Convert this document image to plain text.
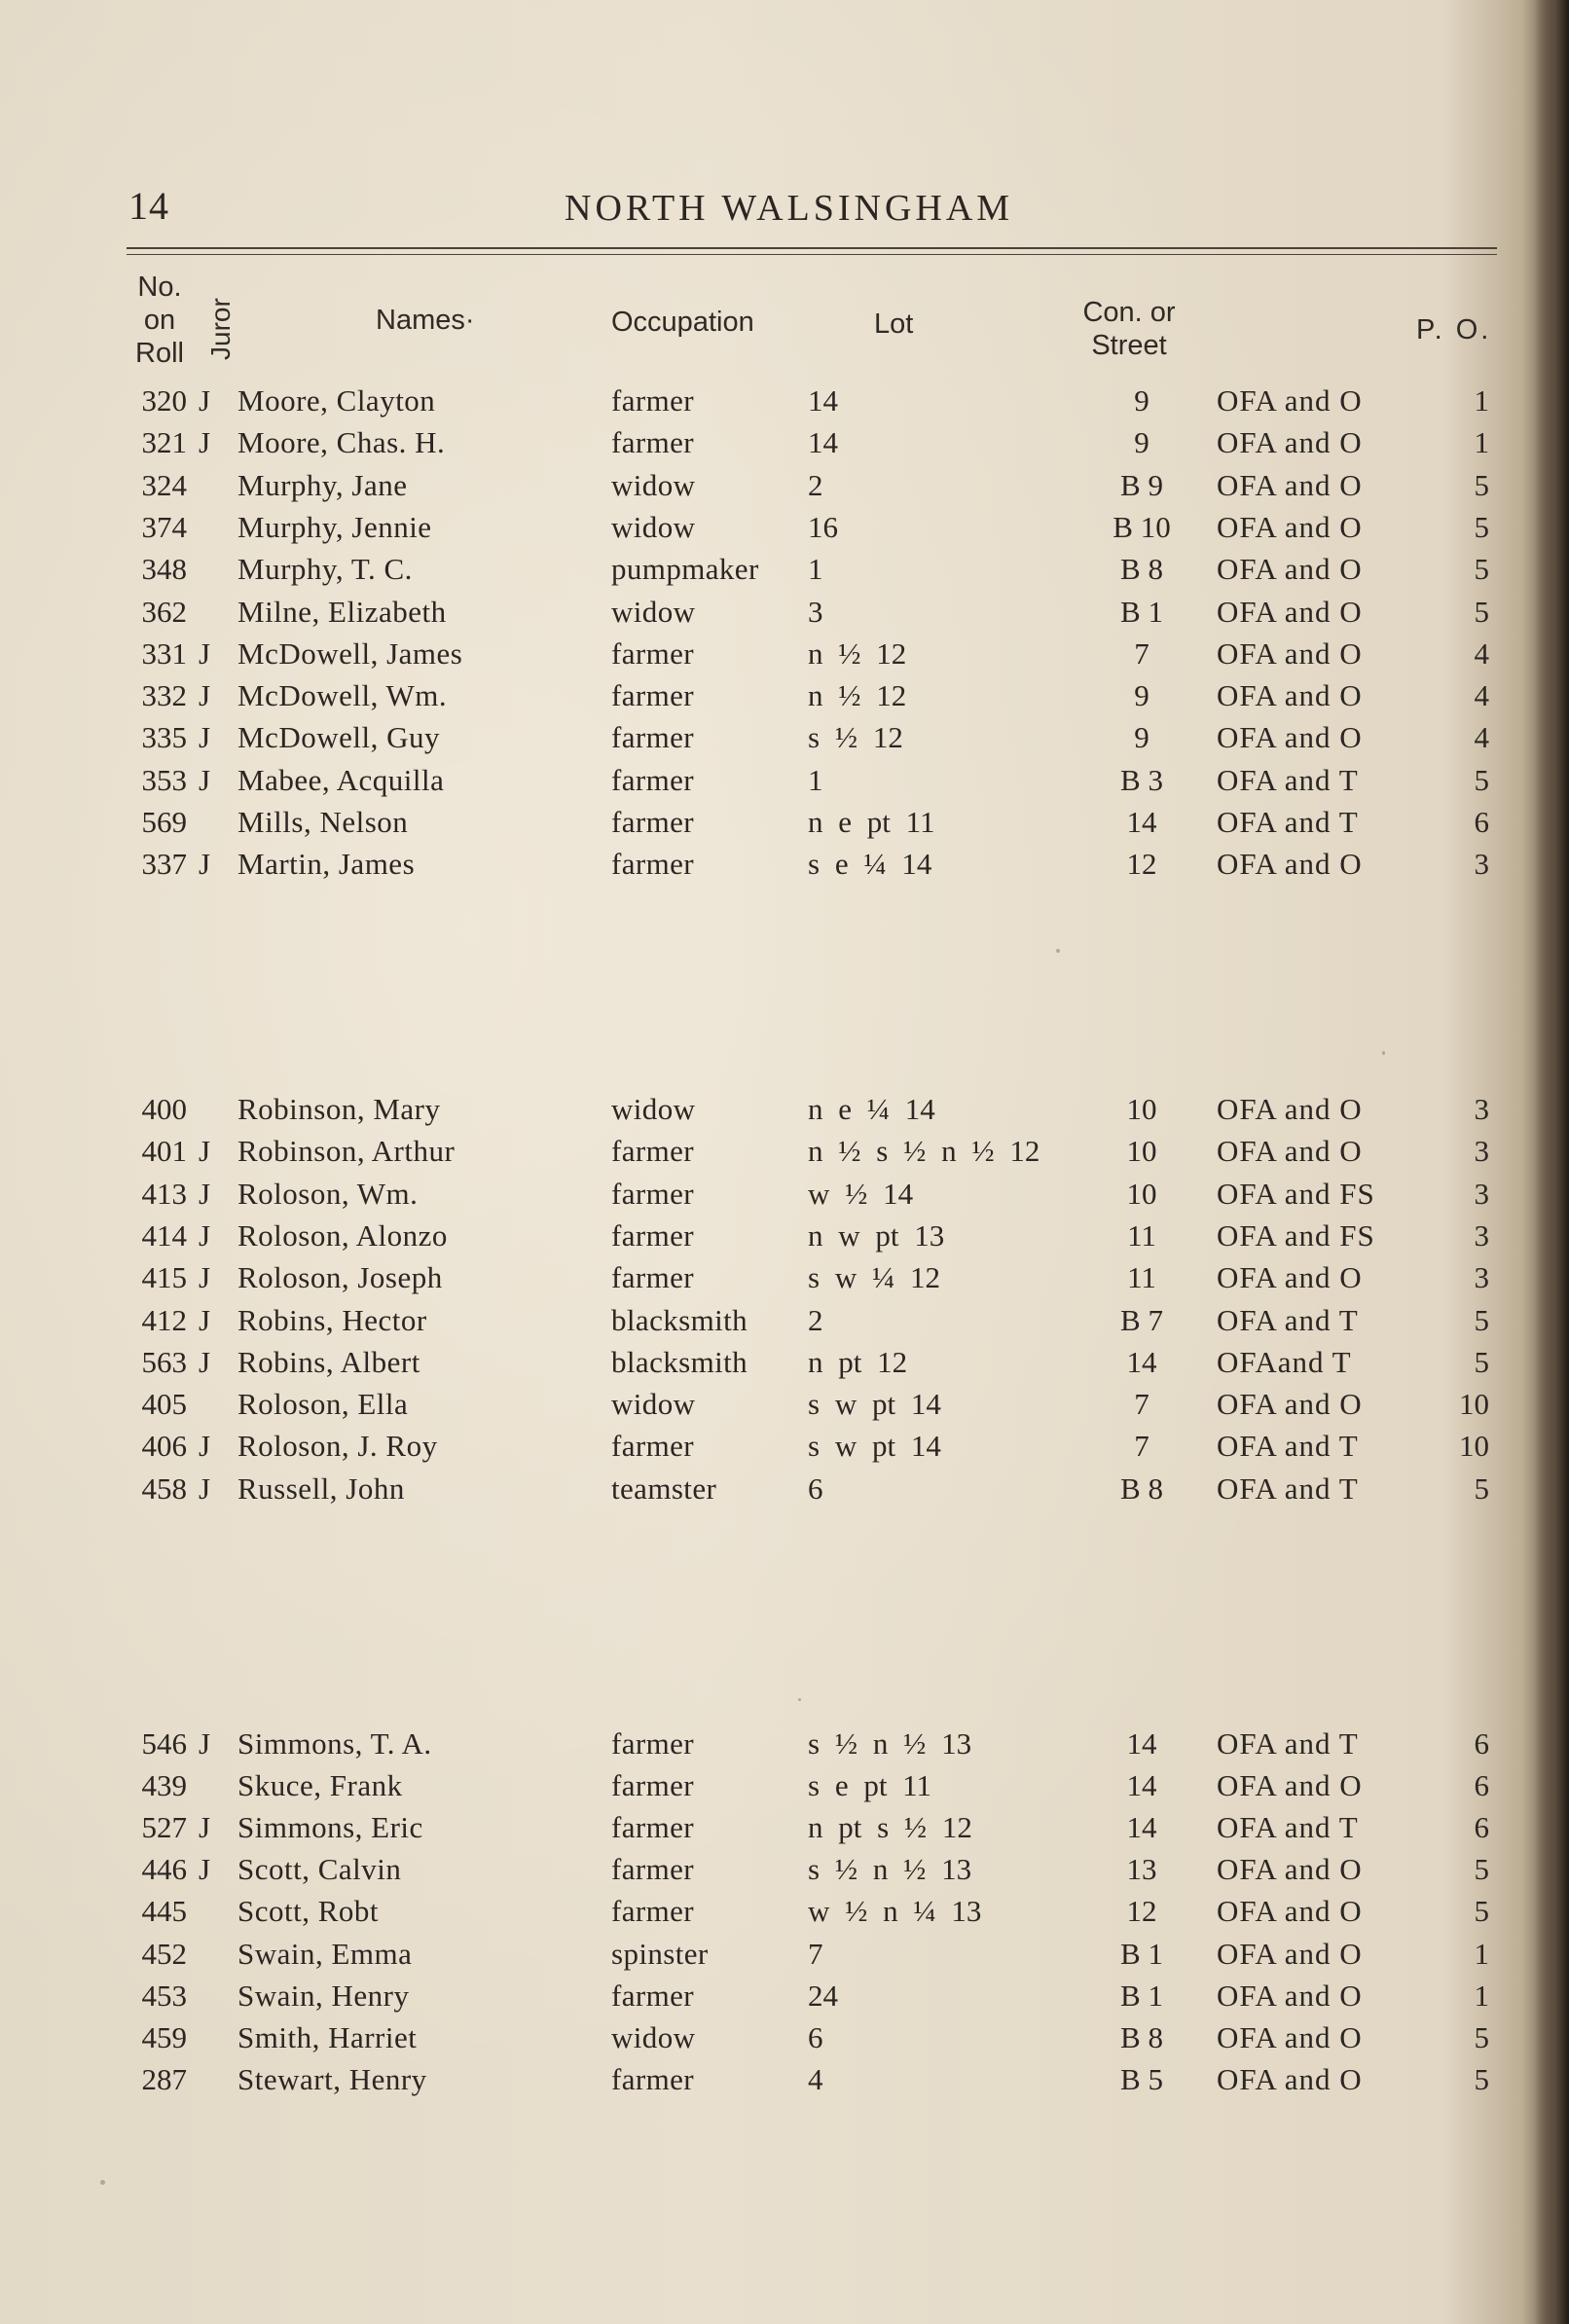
14	NORTH WALSINGHAM
No.
on
Roll Juror	Names·	Occupation	Lot	Con. or
Street	P. O.
320 J Moore, Clayton	farmer	14	9	OFA and O	1
321 J Moore, Chas. H.	farmer	14	9	OFA and O	1
324 Murphy, Jane	widow	2	B 9	OFA and O	5
374 Murphy, Jennie	widow	16	B 10	OFA and O	5
348 Murphy, T. C.	pumpmaker 1	B 8	OFA and O	5
362 Milne, Elizabeth	widow	3	B 1	OFA and O	5
331 J McDowell, James	farmer	n ½ 12	7	OFA and O	4
332 J McDowell, Wm.	farmer	n ½ 12	9	OFA and O	4
335 J McDowell, Guy	farmer	s ½ 12	9	OFA and O	4
353 J Mabee, Acquilla	farmer	1	B 3	OFA and T	5
569 Mills, Nelson	farmer	n e pt 11	14	OFA and T	6
337 J Martin, James	farmer	s e ¼ 14	12	OFA and O	3
400 Robinson, Mary	widow	n e ¼ 14	10	OFA and O	3
401 J Robinson, Arthur	farmer	n ½ s ½ n ½ 12	10	OFA and O	3
413 J Roloson, Wm.	farmer	w ½ 14	10	OFA and FS	3
414 J Roloson, Alonzo	farmer	n w pt 13	11	OFA and FS	3
415 J Roloson, Joseph	farmer	s w ¼ 12	11	OFA and O	3
412 J Robins, Hector	blacksmith 2	B 7	OFA and T	5
563 J Robins, Albert	blacksmith n pt 12	14	OFAand T	5
405 Roloson, Ella	widow	s w pt 14	7	OFA and O	10
406 J Roloson, J. Roy	farmer	s w pt 14	7	OFA and T	10
458 J Russell, John	teamster	6	B 8	OFA and T	5
546 J Simmons, T. A.	farmer	s ½ n ½ 13	14	OFA and T	6
439 Skuce, Frank	farmer	s e pt 11	14	OFA and O	6
527 J Simmons, Eric	farmer	n pt s ½ 12	14	OFA and T	6
446 J Scott, Calvin	farmer	s ½ n ½ 13	13	OFA and O	5
445 Scott, Robt	farmer	w ½ n ¼ 13	12	OFA and O	5
452 Swain, Emma	spinster	7	B 1	OFA and O	1
453 Swain, Henry	farmer	24	B 1	OFA and O	1
459 Smith, Harriet	widow	6	B 8	OFA and O	5
287 Stewart, Henry	farmer	4	B 5	OFA and O	5
